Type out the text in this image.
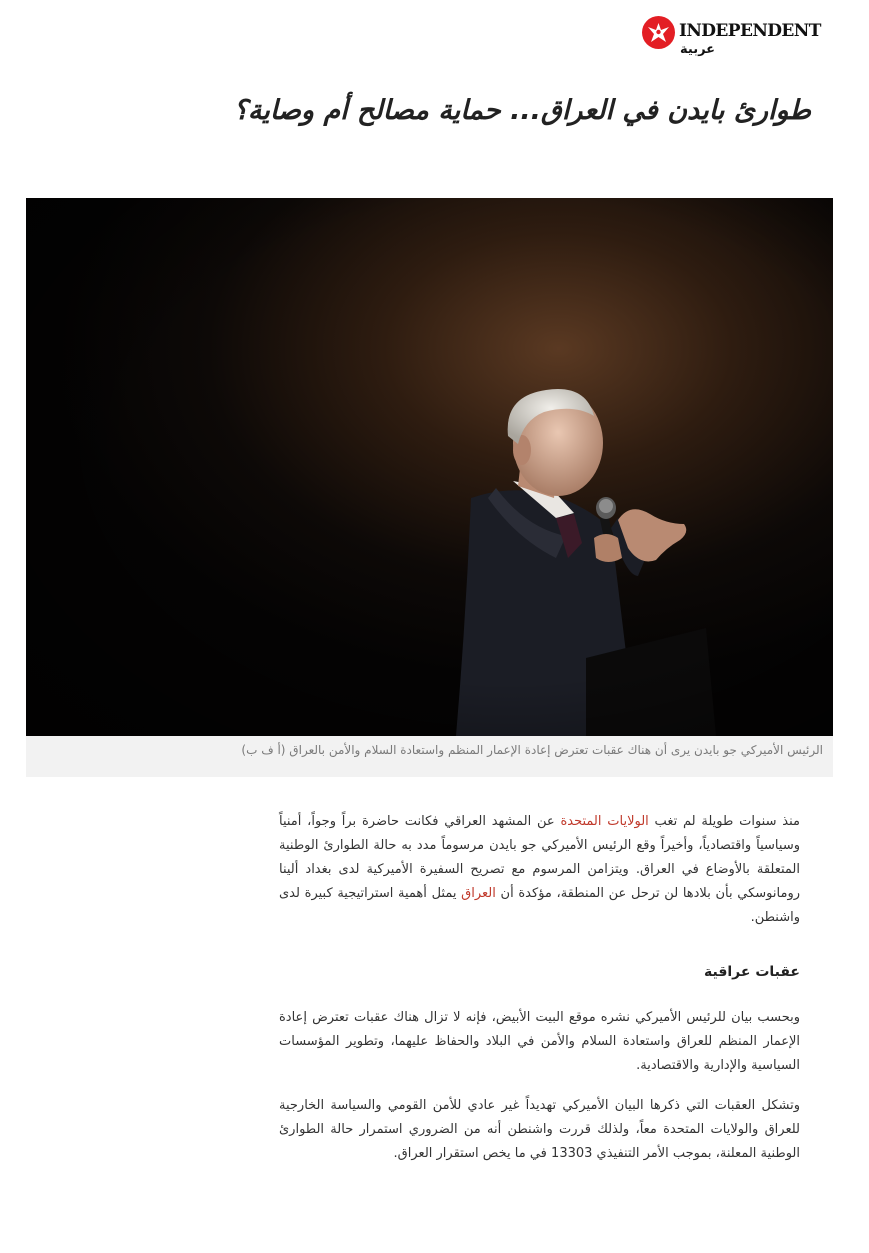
INDEPENDENT
عربية
طوارئ بايدن في العراق... حماية مصالح أم وصاية؟
الرئيس الأميركي جو بايدن يرى أن هناك عقبات تعترض إعادة الإعمار المنظم واستعادة السلام والأمن بالعراق (أ ف ب)

منذ سنوات طويلة لم تغب الولايات المتحدة عن المشهد العراقي فكانت حاضرة براً وجواً، أمنياً وسياسياً واقتصادياً، وأخيراً وقع الرئيس الأميركي جو بايدن مرسوماً مدد به حالة الطوارئ الوطنية المتعلقة بالأوضاع في العراق. ويتزامن المرسوم مع تصريح السفيرة الأميركية لدى بغداد ألينا رومانوسكي بأن بلادها لن ترحل عن المنطقة، مؤكدة أن العراق يمثل أهمية استراتيجية كبيرة لدى واشنطن.

عقبات عراقية

وبحسب بيان للرئيس الأميركي نشره موقع البيت الأبيض، فإنه لا تزال هناك عقبات تعترض إعادة الإعمار المنظم للعراق واستعادة السلام والأمن في البلاد والحفاظ عليهما، وتطوير المؤسسات السياسية والإدارية والاقتصادية.

وتشكل العقبات التي ذكرها البيان الأميركي تهديداً غير عادي للأمن القومي والسياسة الخارجية للعراق والولايات المتحدة معاً، ولذلك قررت واشنطن أنه من الضروري استمرار حالة الطوارئ الوطنية المعلنة، بموجب الأمر التنفيذي 13303 في ما يخص استقرار العراق.
